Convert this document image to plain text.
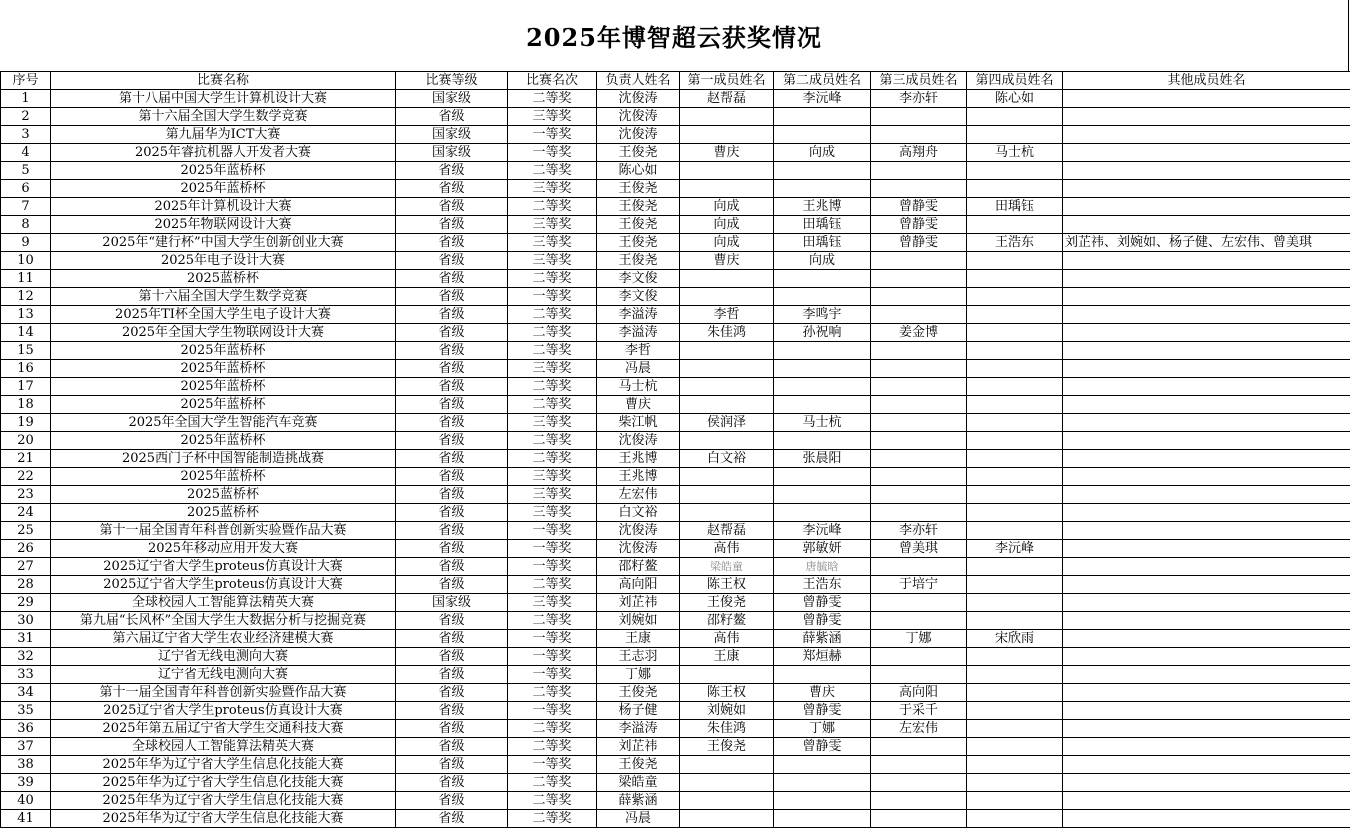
2025年博智超云获奖情况
序号	比赛名称	比赛等级	比赛名次	负责人姓名	第一成员姓名	第二成员姓名	第三成员姓名	第四成员姓名	其他成员姓名
1	第十八届中国大学生计算机设计大赛	国家级	二等奖	沈俊涛	赵帮磊	李沅峰	李亦轩	陈心如	
2	第十六届全国大学生数学竞赛	省级	三等奖	沈俊涛					
3	第九届华为ICT大赛	国家级	一等奖	沈俊涛					
4	2025年睿抗机器人开发者大赛	国家级	一等奖	王俊尧	曹庆	向成	高翔舟	马士杭	
5	2025年蓝桥杯	省级	二等奖	陈心如					
6	2025年蓝桥杯	省级	三等奖	王俊尧					
7	2025年计算机设计大赛	省级	二等奖	王俊尧	向成	王兆博	曾静雯	田瑀钰	
8	2025年物联网设计大赛	省级	三等奖	王俊尧	向成	田瑀钰	曾静雯		
9	2025年“建行杯”中国大学生创新创业大赛	省级	三等奖	王俊尧	向成	田瑀钰	曾静雯	王浩东	刘芷祎、刘婉如、杨子健、左宏伟、曾美琪
10	2025年电子设计大赛	省级	三等奖	王俊尧	曹庆	向成			
11	2025蓝桥杯	省级	二等奖	李文俊					
12	第十六届全国大学生数学竞赛	省级	一等奖	李文俊					
13	2025年TI杯全国大学生电子设计大赛	省级	二等奖	李溢涛	李哲	李鸣宇			
14	2025年全国大学生物联网设计大赛	省级	二等奖	李溢涛	朱佳鸿	孙祝响	姜金博		
15	2025年蓝桥杯	省级	二等奖	李哲					
16	2025年蓝桥杯	省级	三等奖	冯晨					
17	2025年蓝桥杯	省级	二等奖	马士杭					
18	2025年蓝桥杯	省级	二等奖	曹庆					
19	2025年全国大学生智能汽车竞赛	省级	三等奖	柴江帆	侯润泽	马士杭			
20	2025年蓝桥杯	省级	二等奖	沈俊涛					
21	2025西门子杯中国智能制造挑战赛	省级	二等奖	王兆博	白文裕	张晨阳			
22	2025年蓝桥杯	省级	三等奖	王兆博					
23	2025蓝桥杯	省级	三等奖	左宏伟					
24	2025蓝桥杯	省级	三等奖	白文裕					
25	第十一届全国青年科普创新实验暨作品大赛	省级	一等奖	沈俊涛	赵帮磊	李沅峰	李亦轩		
26	2025年移动应用开发大赛	省级	一等奖	沈俊涛	高伟	郭敏妍	曾美琪	李沅峰	
27	2025辽宁省大学生proteus仿真设计大赛	省级	一等奖	邵籽鳌	梁皓童	唐毓晗			
28	2025辽宁省大学生proteus仿真设计大赛	省级	二等奖	高向阳	陈王权	王浩东	于培宁		
29	全球校园人工智能算法精英大赛	国家级	三等奖	刘芷祎	王俊尧	曾静雯			
30	第九届“长风杯”全国大学生大数据分析与挖掘竞赛	省级	二等奖	刘婉如	邵籽鳌	曾静雯			
31	第六届辽宁省大学生农业经济建模大赛	省级	一等奖	王康	高伟	薛紫涵	丁娜	宋欣雨	
32	辽宁省无线电测向大赛	省级	一等奖	王志羽	王康	郑烜赫			
33	辽宁省无线电测向大赛	省级	一等奖	丁娜					
34	第十一届全国青年科普创新实验暨作品大赛	省级	二等奖	王俊尧	陈王权	曹庆	高向阳		
35	2025辽宁省大学生proteus仿真设计大赛	省级	一等奖	杨子健	刘婉如	曾静雯	于采千		
36	2025年第五届辽宁省大学生交通科技大赛	省级	二等奖	李溢涛	朱佳鸿	丁娜	左宏伟		
37	全球校园人工智能算法精英大赛	省级	二等奖	刘芷祎	王俊尧	曾静雯			
38	2025年华为辽宁省大学生信息化技能大赛	省级	一等奖	王俊尧					
39	2025年华为辽宁省大学生信息化技能大赛	省级	二等奖	梁皓童					
40	2025年华为辽宁省大学生信息化技能大赛	省级	二等奖	薛紫涵					
41	2025年华为辽宁省大学生信息化技能大赛	省级	二等奖	冯晨					
